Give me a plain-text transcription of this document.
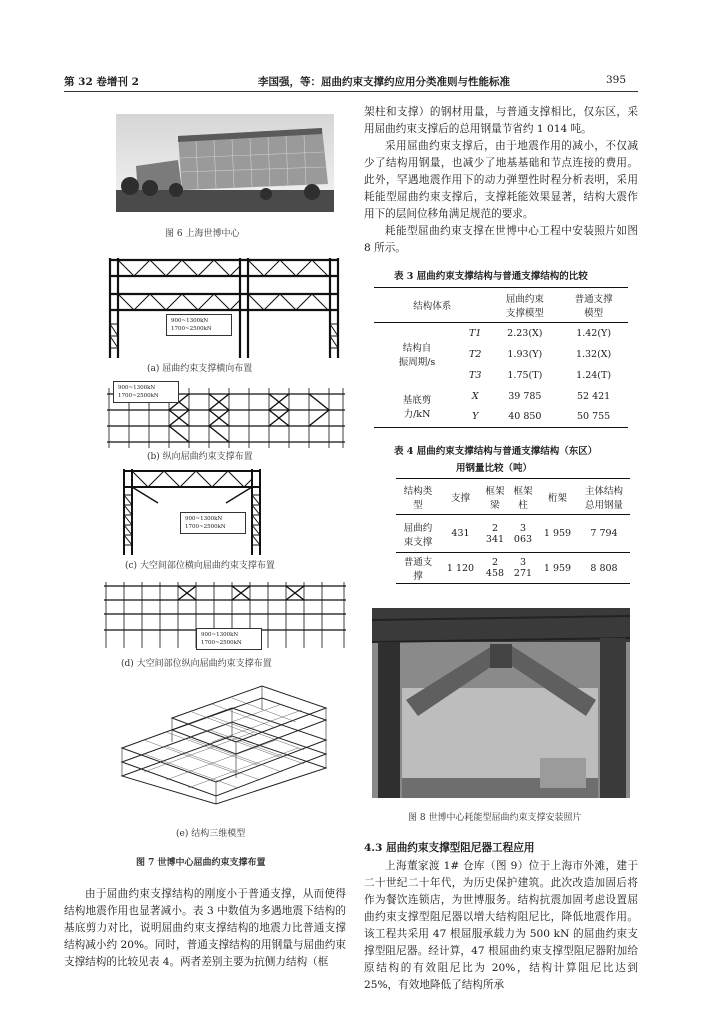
第 32 卷增刊 2	李国强，等：屈曲约束支撑约应用分类准则与性能标准	395
图 6 上海世博中心
900~1300kN
1700~2500kN
(a) 屈曲约束支撑横向布置
900~1300kN
1700~2500kN
(b) 纵向屈曲约束支撑布置
900~1300kN
1700~2500kN
(c) 大空间部位横向屈曲约束支撑布置
900~1300kN
1700~2500kN
(d) 大空间部位纵向屈曲约束支撑布置
(e) 结构三维模型
图 7 世博中心屈曲约束支撑布置
由于屈曲约束支撑结构的刚度小于普通支撑，从而使得结构地震作用也显著减小。表 3 中数值为多遇地震下结构的基底剪力对比，说明屈曲约束支撑结构的地震力比普通支撑结构减小约 20%。同时，普通支撑结构的用钢量与屈曲约束支撑结构的比较见表 4。两者差别主要为抗侧力结构（框

架柱和支撑）的钢材用量，与普通支撑相比，仅东区，采用屈曲约束支撑后的总用钢量节省约 1 014 吨。

采用屈曲约束支撑后，由于地震作用的减小，不仅减少了结构用钢量，也减少了地基基础和节点连接的费用。此外，罕遇地震作用下的动力弹塑性时程分析表明，采用耗能型屈曲约束支撑后，支撑耗能效果显著，结构大震作用下的层间位移角满足规范的要求。

耗能型屈曲约束支撑在世博中心工程中安装照片如图 8 所示。

表 3 屈曲约束支撑结构与普通支撑结构的比较
结构体系		屈曲约束
支撑模型	普通支撑
模型
结构自
振周期/s	T1	2.23(X)	1.42(Y)
	T2	1.93(Y)	1.32(X)
	T3	1.75(T)	1.24(T)
基底剪
力/kN	X	39 785	52 421
	Y	40 850	50 755
表 4 屈曲约束支撑结构与普通支撑结构（东区）
用钢量比较（吨）
结构类型	支撑	框架梁	框架柱	桁架	主体结构总用钢量
屈曲约束支撑	431	2 341	3 063	1 959	7 794
普通支撑	1 120	2 458	3 271	1 959	8 808
图 8 世博中心耗能型屈曲约束支撑安装照片
4.3 屈曲约束支撑型阻尼器工程应用
上海董家渡 1# 仓库（图 9）位于上海市外滩，建于二十世纪二十年代，为历史保护建筑。此次改造加固后将作为餐饮连锁店，为世博服务。结构抗震加固考虑设置屈曲约束支撑型阻尼器以增大结构阻尼比，降低地震作用。该工程共采用 47 根屈服承载力为 500 kN 的屈曲约束支撑型阻尼器。经计算，47 根屈曲约束支撑型阻尼器附加给原结构的有效阻尼比为 20%，结构计算阻尼比达到 25%，有效地降低了结构所承
